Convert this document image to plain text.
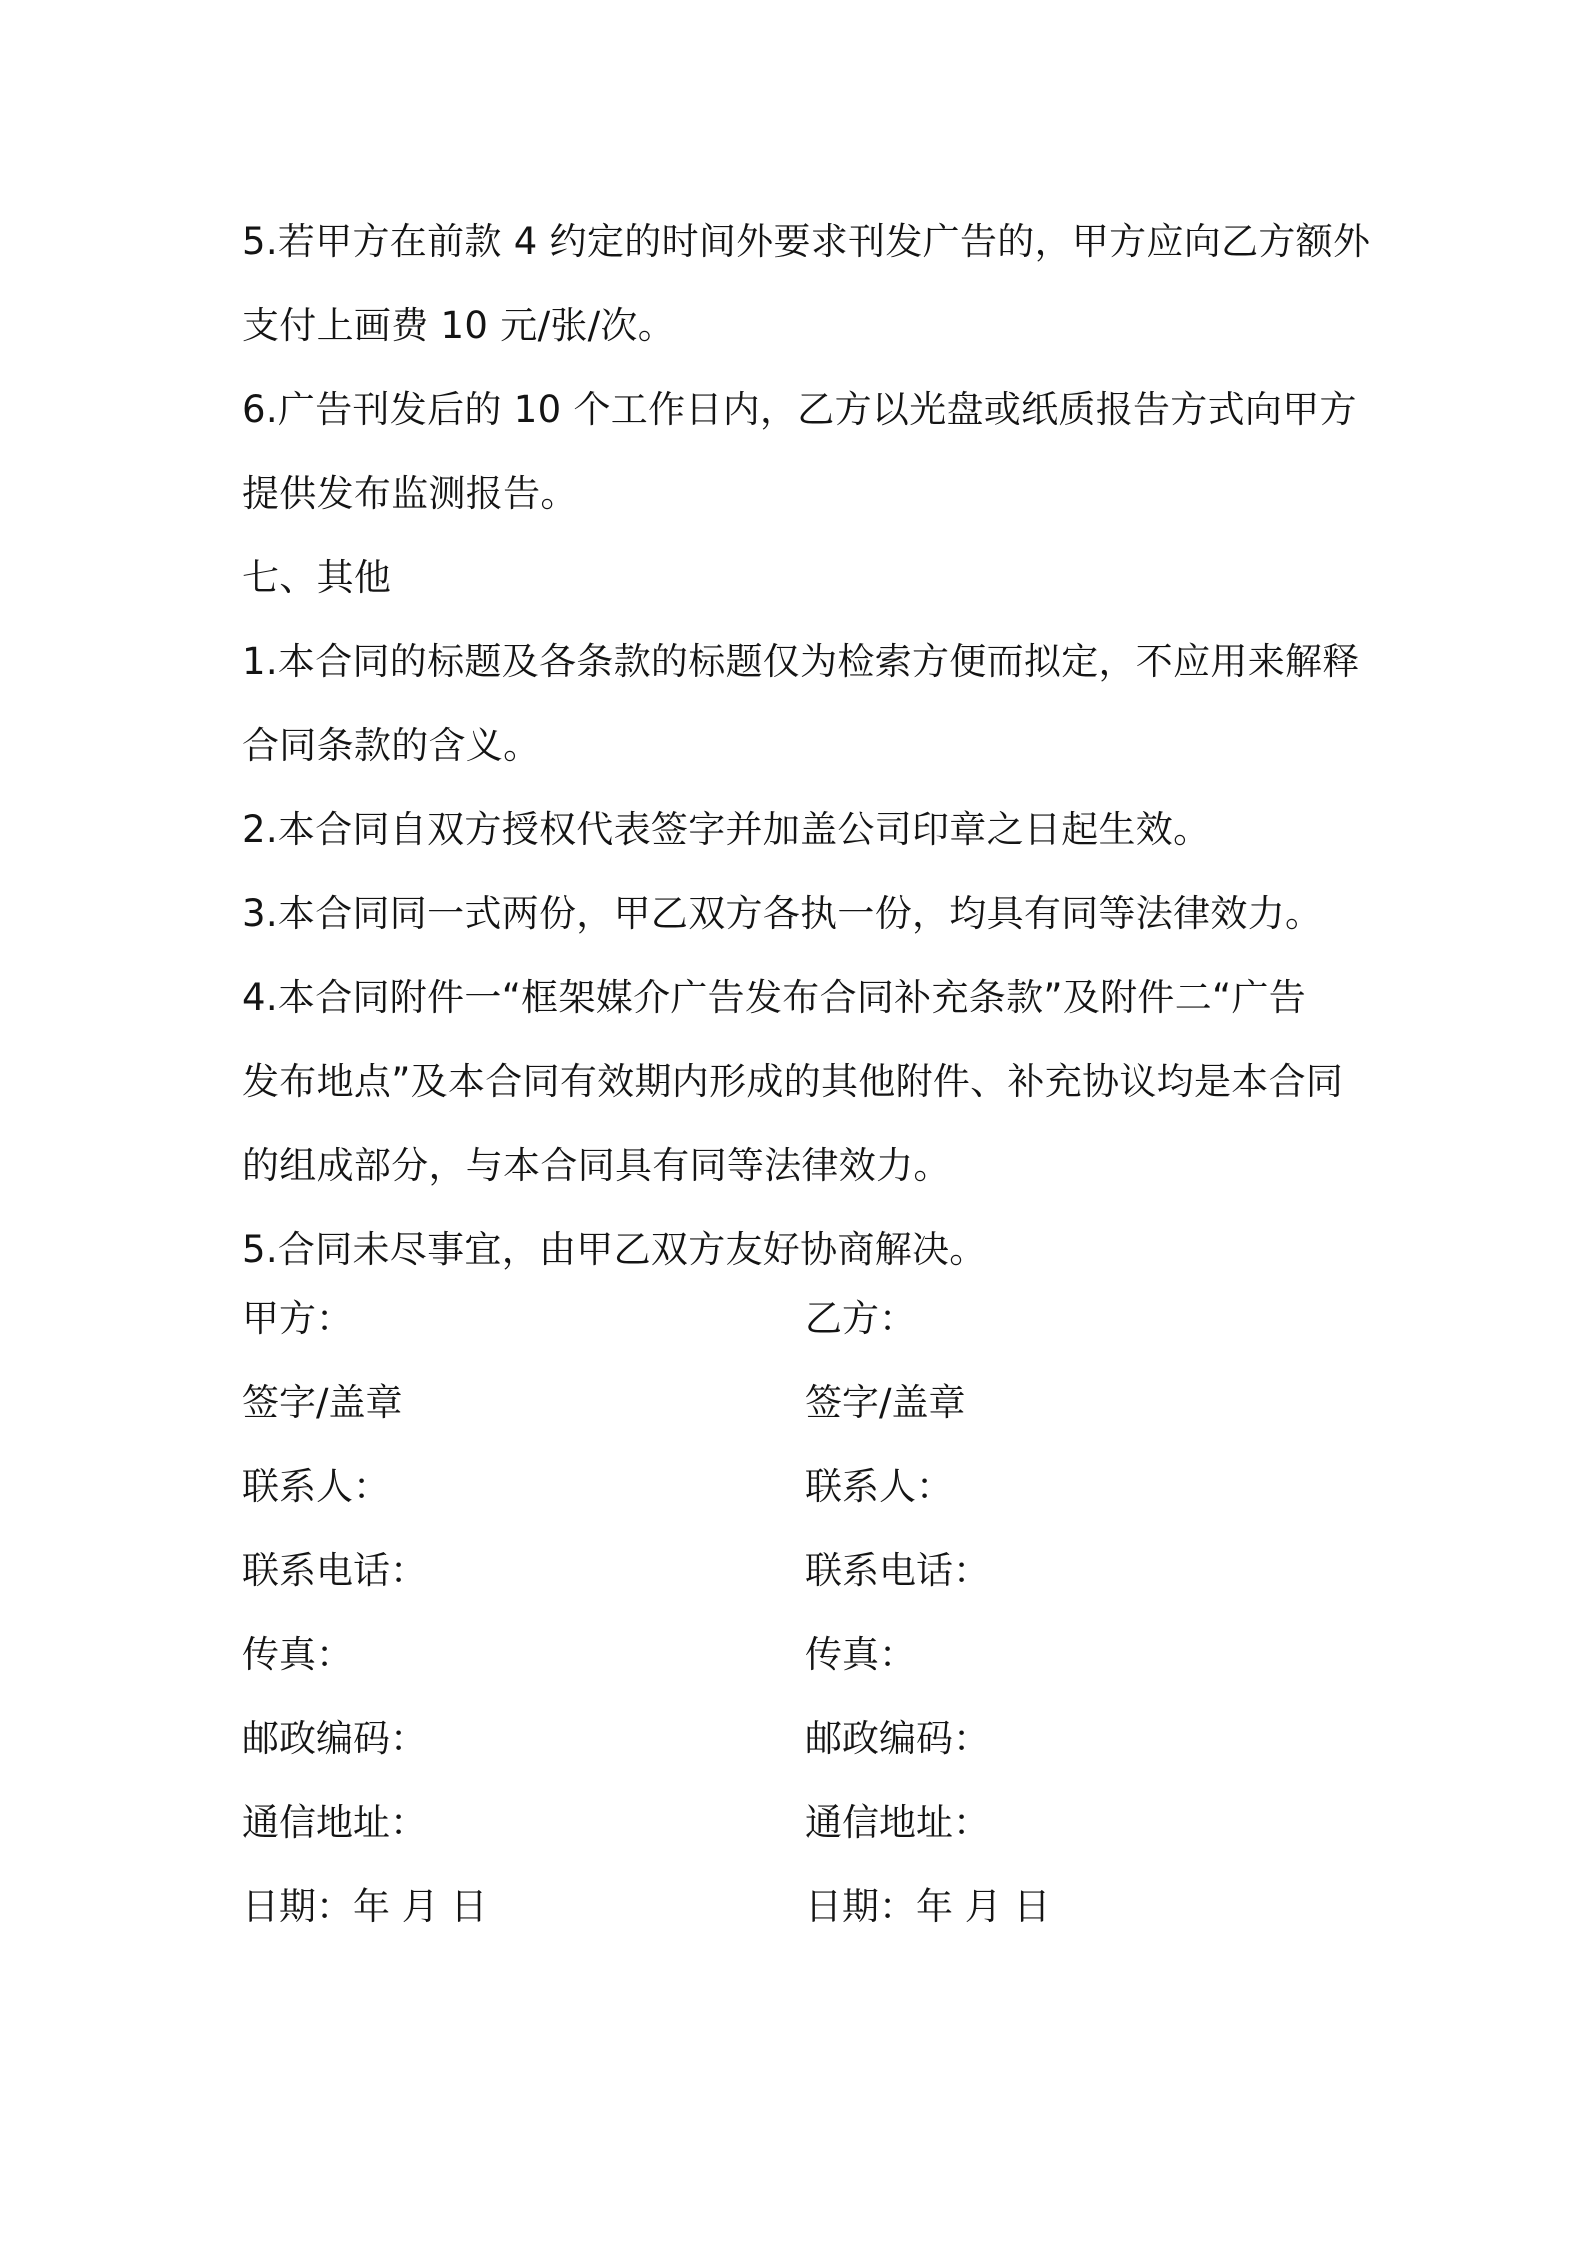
5.若甲方在前款 4 约定的时间外要求刊发广告的，甲方应向乙方额外
支付上画费 10 元/张/次。
6.广告刊发后的 10 个工作日内，乙方以光盘或纸质报告方式向甲方
提供发布监测报告。
七、其他
1.本合同的标题及各条款的标题仅为检索方便而拟定，不应用来解释
合同条款的含义。
2.本合同自双方授权代表签字并加盖公司印章之日起生效。
3.本合同同一式两份，甲乙双方各执一份，均具有同等法律效力。
4.本合同附件一“框架媒介广告发布合同补充条款”及附件二“广告
发布地点”及本合同有效期内形成的其他附件、补充协议均是本合同
的组成部分，与本合同具有同等法律效力。
5.合同未尽事宜，由甲乙双方友好协商解决。
甲方：	乙方：
签字/盖章	签字/盖章
联系人：	联系人：
联系电话：	联系电话：
传真：	传真：
邮政编码：	邮政编码：
通信地址：	通信地址：
日期：年 月 日	日期：年 月 日
